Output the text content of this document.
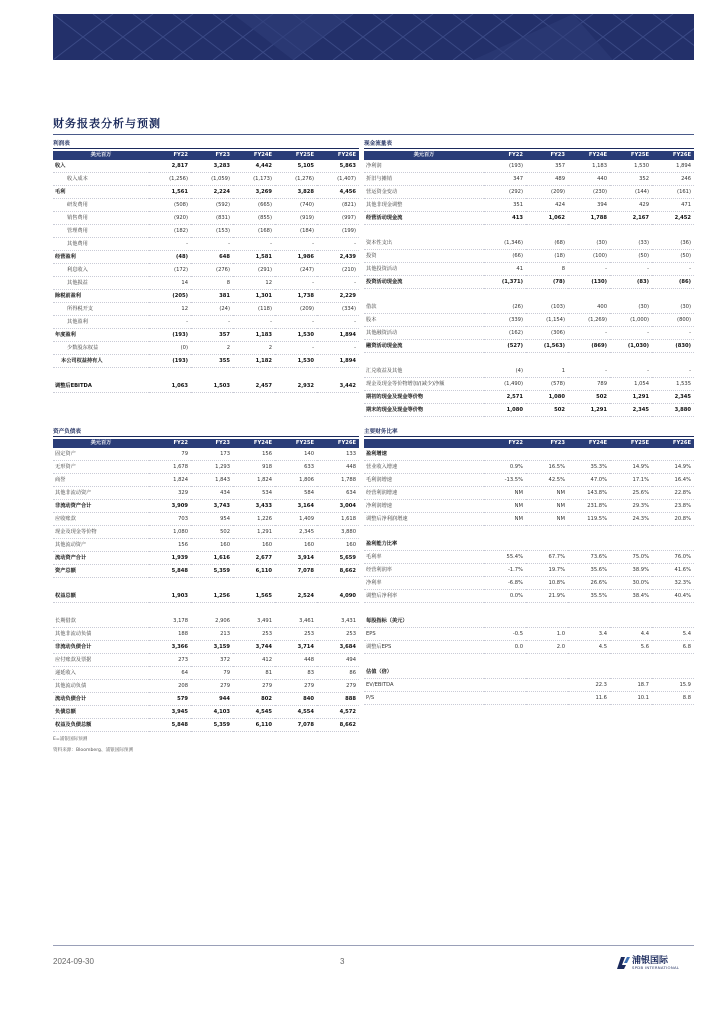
财务报表分析与预测
利润表
美元百万	FY22	FY23	FY24E	FY25E	FY26E
收入	2,817	3,283	4,442	5,105	5,863
收入成本	(1,256)	(1,059)	(1,173)	(1,276)	(1,407)
毛利	1,561	2,224	3,269	3,828	4,456
研发费用	(508)	(592)	(665)	(740)	(821)
销售费用	(920)	(831)	(855)	(919)	(997)
管理费用	(182)	(153)	(168)	(184)	(199)
其他费用	-	-	-	-	-
经营盈利	(48)	648	1,581	1,986	2,439
利息收入	(172)	(276)	(291)	(247)	(210)
其他损益	14	8	12	-	-
除税前盈利	(205)	381	1,301	1,738	2,229
所得税开支	12	(24)	(118)	(209)	(334)
其他盈利	-	-	-	-	-
年度盈利	(193)	357	1,183	1,530	1,894
少数股东权益	(0)	2	2	-	-
本公司权益持有人	(193)	355	1,182	1,530	1,894

调整后EBITDA	1,063	1,503	2,457	2,932	3,442
现金流量表
美元百万	FY22	FY23	FY24E	FY25E	FY26E
净利润	(193)	357	1,183	1,530	1,894
折旧与摊销	347	489	440	352	246
营运资金变动	(292)	(209)	(230)	(144)	(161)
其他非现金调整	351	424	394	429	471
经营活动现金流	413	1,062	1,788	2,167	2,452

资本性支出	(1,346)	(68)	(30)	(33)	(36)
投资	(66)	(18)	(100)	(50)	(50)
其他投资活动	41	8	-	-	-
投资活动现金流	(1,371)	(78)	(130)	(83)	(86)

借款	(26)	(103)	400	(30)	(30)
股本	(339)	(1,154)	(1,269)	(1,000)	(800)
其他融资活动	(162)	(306)	-	-	-
融资活动现金流	(527)	(1,563)	(869)	(1,030)	(830)

汇兑收益及其他	(4)	1	-	-	-
现金及现金等价物增加/(减少)净额	(1,490)	(578)	789	1,054	1,535
期初的现金及现金等价物	2,571	1,080	502	1,291	2,345
期末的现金及现金等价物	1,080	502	1,291	2,345	3,880
资产负债表
美元百万	FY22	FY23	FY24E	FY25E	FY26E
固定资产	79	173	156	140	133
无形资产	1,678	1,293	918	633	448
商誉	1,824	1,843	1,824	1,806	1,788
其他非流动资产	329	434	534	584	634
非流动资产合计	3,909	3,743	3,433	3,164	3,004
应收账款	703	954	1,226	1,409	1,618
现金及现金等价物	1,080	502	1,291	2,345	3,880
其他流动资产	156	160	160	160	160
流动资产合计	1,939	1,616	2,677	3,914	5,659
资产总额	5,848	5,359	6,110	7,078	8,662

权益总额	1,903	1,256	1,565	2,524	4,090

长期借款	3,178	2,906	3,491	3,461	3,431
其他非流动负债	188	213	253	253	253
非流动负债合计	3,366	3,159	3,744	3,714	3,684
应付账款及票据	273	372	412	448	494
递延收入	64	79	81	83	86
其他流动负债	208	279	279	279	279
流动负债合计	579	944	802	840	888
负债总额	3,945	4,103	4,545	4,554	4,572
权益及负债总额	5,848	5,359	6,110	7,078	8,662
主要财务比率
	FY22	FY23	FY24E	FY25E	FY26E
盈利增速					
营业收入增速	0.9%	16.5%	35.3%	14.9%	14.9%
毛利润增速	-13.5%	42.5%	47.0%	17.1%	16.4%
经营利润增速	NM	NM	143.8%	25.6%	22.8%
净利润增速	NM	NM	231.8%	29.3%	23.8%
调整后净利润增速	NM	NM	119.5%	24.3%	20.8%

盈利能力比率					
毛利率	55.4%	67.7%	73.6%	75.0%	76.0%
经营利润率	-1.7%	19.7%	35.6%	38.9%	41.6%
净利率	-6.8%	10.8%	26.6%	30.0%	32.3%
调整后净利率	0.0%	21.9%	35.5%	38.4%	40.4%

每股指标（美元）					
EPS	-0.5	1.0	3.4	4.4	5.4
调整后EPS	0.0	2.0	4.5	5.6	6.8

估值（倍）					
EV/EBITDA			22.3	18.7	15.9
P/S			11.6	10.1	8.8
E=浦银国际预测
资料来源：Bloomberg、浦银国际预测
2024-09-30	3	浦银国际
SPDB INTERNATIONAL
